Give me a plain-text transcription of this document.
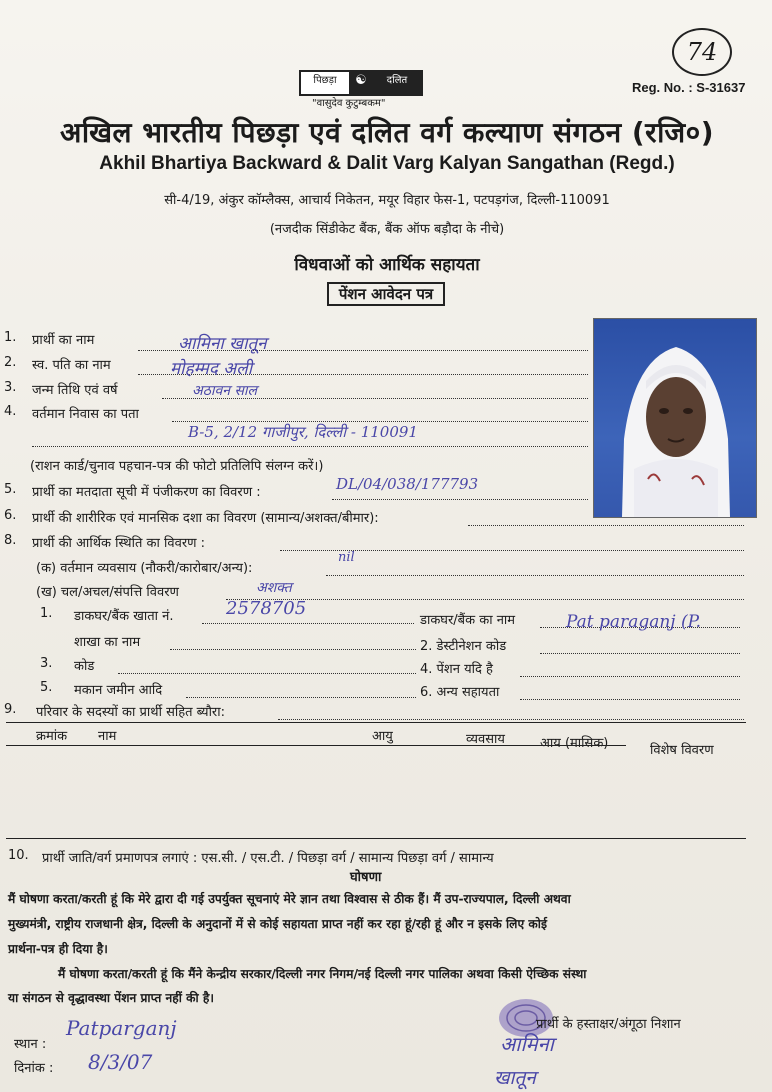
पिछड़ा	☯	दलित
"वासुदेव कुटुम्बकम"
74
Reg. No. : S-31637
अखिल भारतीय पिछड़ा एवं दलित वर्ग कल्याण संगठन (रजि०)
Akhil Bhartiya Backward & Dalit Varg Kalyan Sangathan (Regd.)
सी-4/19, अंकुर कॉम्लैक्स, आचार्य निकेतन, मयूर विहार फेस-1, पटपड़गंज, दिल्ली-110091
(नजदीक सिंडीकेट बैंक, बैंक ऑफ बड़ौदा के नीचे)
विधवाओं को आर्थिक सहायता
पेंशन आवेदन पत्र
1. प्रार्थी का नाम	आमिना खातून
2. स्व. पति का नाम	मोहम्मद अली
3. जन्म तिथि एवं वर्ष	अठावन साल
4. वर्तमान निवास का पता
B-5, 2/12 गाजीपुर, दिल्ली - 110091
(राशन कार्ड/चुनाव पहचान-पत्र की फोटो प्रतिलिपि संलग्न करें।)
5. प्रार्थी का मतदाता सूची में पंजीकरण का विवरण :	DL/04/038/177793
6. प्रार्थी की शारीरिक एवं मानसिक दशा का विवरण (सामान्य/अशक्त/बीमार):
8. प्रार्थी की आर्थिक स्थिति का विवरण :
(क) वर्तमान व्यवसाय (नौकरी/कारोबार/अन्य):
nil
(ख) चल/अचल/संपत्ति विवरण	अशक्त
1. डाकघर/बैंक खाता नं.	2578705
डाकघर/बैंक का नाम	Pat paraganj (P.
शाखा का नाम	2. डेस्टीनेशन कोड
3. कोड	4. पेंशन यदि है
5. मकान जमीन आदि	6. अन्य सहायता
9. परिवार के सदस्यों का प्रार्थी सहित ब्यौरा:
क्रमांक नाम	आयु	व्यवसाय	आय (मासिक)	विशेष विवरण

10. प्रार्थी जाति/वर्ग प्रमाणपत्र लगाएं : एस.सी. / एस.टी. / पिछड़ा वर्ग / सामान्य पिछड़ा वर्ग / सामान्य
घोषणा
मैं घोषणा करता/करती हूं कि मेरे द्वारा दी गई उपर्युक्त सूचनाएं मेरे ज्ञान तथा विश्वास से ठीक हैं। मैं उप-राज्यपाल, दिल्ली अथवा
मुख्यमंत्री, राष्ट्रीय राजधानी क्षेत्र, दिल्ली के अनुदानों में से कोई सहायता प्राप्त नहीं कर रहा हूं/रही हूं और न इसके लिए कोई
प्रार्थना-पत्र ही दिया है।
मैं घोषणा करता/करती हूं कि मैंने केन्द्रीय सरकार/दिल्ली नगर निगम/नई दिल्ली नगर पालिका अथवा किसी ऐच्छिक संस्था
या संगठन से वृद्धावस्था पेंशन प्राप्त नहीं की है।
स्थान :
Patparganj
दिनांक : 8/3/07
प्रार्थी के हस्ताक्षर/अंगूठा निशान
आमिना
खातून
